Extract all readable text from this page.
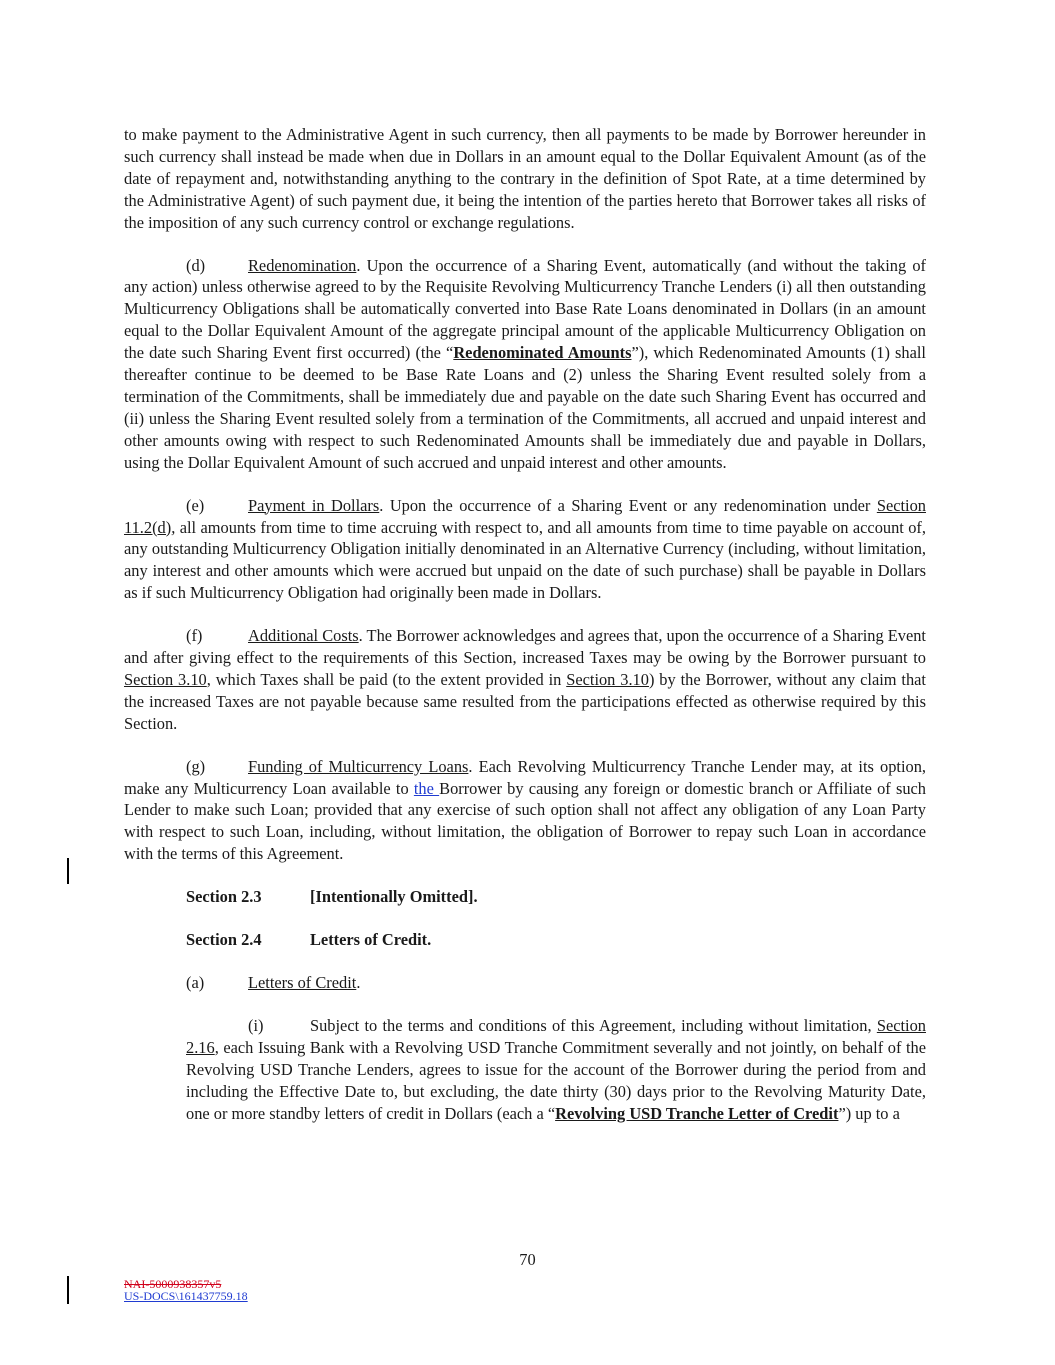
to make payment to the Administrative Agent in such currency, then all payments to be made by Borrower hereunder in such currency shall instead be made when due in Dollars in an amount equal to the Dollar Equivalent Amount (as of the date of repayment and, notwithstanding anything to the contrary in the definition of Spot Rate, at a time determined by the Administrative Agent) of such payment due, it being the intention of the parties hereto that Borrower takes all risks of the imposition of any such currency control or exchange regulations.

(d)	Redenomination. Upon the occurrence of a Sharing Event, automatically (and without the taking of any action) unless otherwise agreed to by the Requisite Revolving Multicurrency Tranche Lenders (i) all then outstanding Multicurrency Obligations shall be automatically converted into Base Rate Loans denominated in Dollars (in an amount equal to the Dollar Equivalent Amount of the aggregate principal amount of the applicable Multicurrency Obligation on the date such Sharing Event first occurred) (the “Redenominated Amounts”), which Redenominated Amounts (1) shall thereafter continue to be deemed to be Base Rate Loans and (2) unless the Sharing Event resulted solely from a termination of the Commitments, shall be immediately due and payable on the date such Sharing Event has occurred and (ii) unless the Sharing Event resulted solely from a termination of the Commitments, all accrued and unpaid interest and other amounts owing with respect to such Redenominated Amounts shall be immediately due and payable in Dollars, using the Dollar Equivalent Amount of such accrued and unpaid interest and other amounts.

(e)	Payment in Dollars. Upon the occurrence of a Sharing Event or any redenomination under Section 11.2(d), all amounts from time to time accruing with respect to, and all amounts from time to time payable on account of, any outstanding Multicurrency Obligation initially denominated in an Alternative Currency (including, without limitation, any interest and other amounts which were accrued but unpaid on the date of such purchase) shall be payable in Dollars as if such Multicurrency Obligation had originally been made in Dollars.

(f)	Additional Costs. The Borrower acknowledges and agrees that, upon the occurrence of a Sharing Event and after giving effect to the requirements of this Section, increased Taxes may be owing by the Borrower pursuant to Section 3.10, which Taxes shall be paid (to the extent provided in Section 3.10) by the Borrower, without any claim that the increased Taxes are not payable because same resulted from the participations effected as otherwise required by this Section.

(g)	Funding of Multicurrency Loans. Each Revolving Multicurrency Tranche Lender may, at its option, make any Multicurrency Loan available to the Borrower by causing any foreign or domestic branch or Affiliate of such Lender to make such Loan; provided that any exercise of such option shall not affect any obligation of any Loan Party with respect to such Loan, including, without limitation, the obligation of Borrower to repay such Loan in accordance with the terms of this Agreement.

Section 2.3	[Intentionally Omitted].

Section 2.4	Letters of Credit.

(a)	Letters of Credit.

(i)	Subject to the terms and conditions of this Agreement, including without limitation, Section 2.16, each Issuing Bank with a Revolving USD Tranche Commitment severally and not jointly, on behalf of the Revolving USD Tranche Lenders, agrees to issue for the account of the Borrower during the period from and including the Effective Date to, but excluding, the date thirty (30) days prior to the Revolving Maturity Date, one or more standby letters of credit in Dollars (each a “Revolving USD Tranche Letter of Credit”) up to a

70
NAI-5000938357v5
US-DOCS\161437759.18
